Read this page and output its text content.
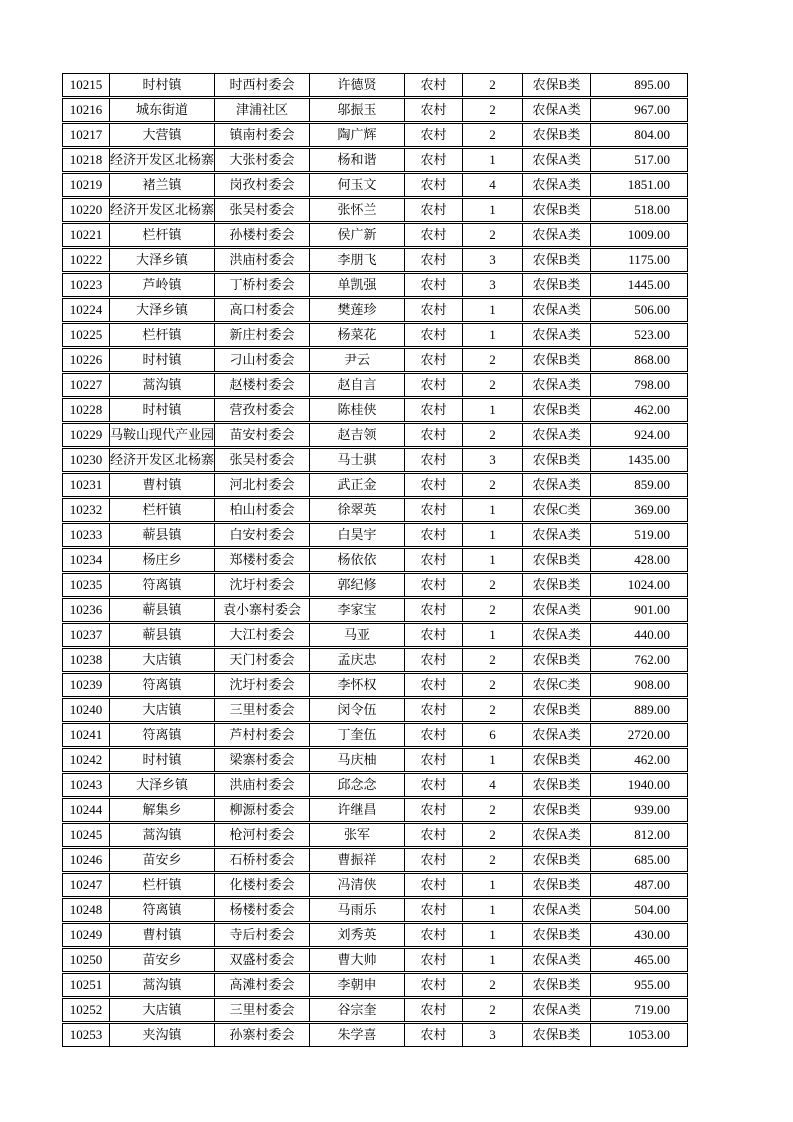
10215	时村镇	时西村委会	许德贤	农村	2	农保B类	895.00
10216	城东街道	津浦社区	邬振玉	农村	2	农保A类	967.00
10217	大营镇	镇南村委会	陶广辉	农村	2	农保B类	804.00
10218	经济开发区北杨寨	大张村委会	杨和谐	农村	1	农保A类	517.00
10219	褚兰镇	岗孜村委会	何玉文	农村	4	农保A类	1851.00
10220	经济开发区北杨寨	张吴村委会	张怀兰	农村	1	农保B类	518.00
10221	栏杆镇	孙楼村委会	侯广新	农村	2	农保A类	1009.00
10222	大泽乡镇	洪庙村委会	李朋飞	农村	3	农保B类	1175.00
10223	芦岭镇	丁桥村委会	单凯强	农村	3	农保B类	1445.00
10224	大泽乡镇	高口村委会	樊莲珍	农村	1	农保A类	506.00
10225	栏杆镇	新庄村委会	杨菜花	农村	1	农保A类	523.00
10226	时村镇	刁山村委会	尹云	农村	2	农保B类	868.00
10227	蒿沟镇	赵楼村委会	赵自言	农村	2	农保A类	798.00
10228	时村镇	营孜村委会	陈桂侠	农村	1	农保B类	462.00
10229	马鞍山现代产业园	苗安村委会	赵吉领	农村	2	农保A类	924.00
10230	经济开发区北杨寨	张吴村委会	马士骐	农村	3	农保B类	1435.00
10231	曹村镇	河北村委会	武正金	农村	2	农保A类	859.00
10232	栏杆镇	柏山村委会	徐翠英	农村	1	农保C类	369.00
10233	蕲县镇	白安村委会	白昊宇	农村	1	农保A类	519.00
10234	杨庄乡	郑楼村委会	杨依依	农村	1	农保B类	428.00
10235	符离镇	沈圩村委会	郭纪修	农村	2	农保B类	1024.00
10236	蕲县镇	袁小寨村委会	李家宝	农村	2	农保A类	901.00
10237	蕲县镇	大江村委会	马亚	农村	1	农保A类	440.00
10238	大店镇	天门村委会	孟庆忠	农村	2	农保B类	762.00
10239	符离镇	沈圩村委会	李怀权	农村	2	农保C类	908.00
10240	大店镇	三里村委会	闵令伍	农村	2	农保B类	889.00
10241	符离镇	芦村村委会	丁奎伍	农村	6	农保A类	2720.00
10242	时村镇	梁寨村委会	马庆柚	农村	1	农保B类	462.00
10243	大泽乡镇	洪庙村委会	邱念念	农村	4	农保B类	1940.00
10244	解集乡	柳源村委会	许继昌	农村	2	农保B类	939.00
10245	蒿沟镇	枪河村委会	张军	农村	2	农保A类	812.00
10246	苗安乡	石桥村委会	曹振祥	农村	2	农保B类	685.00
10247	栏杆镇	化楼村委会	冯清侠	农村	1	农保B类	487.00
10248	符离镇	杨楼村委会	马雨乐	农村	1	农保A类	504.00
10249	曹村镇	寺后村委会	刘秀英	农村	1	农保B类	430.00
10250	苗安乡	双盛村委会	曹大帅	农村	1	农保A类	465.00
10251	蒿沟镇	高滩村委会	李朝申	农村	2	农保B类	955.00
10252	大店镇	三里村委会	谷宗奎	农村	2	农保A类	719.00
10253	夹沟镇	孙寨村委会	朱学喜	农村	3	农保B类	1053.00
